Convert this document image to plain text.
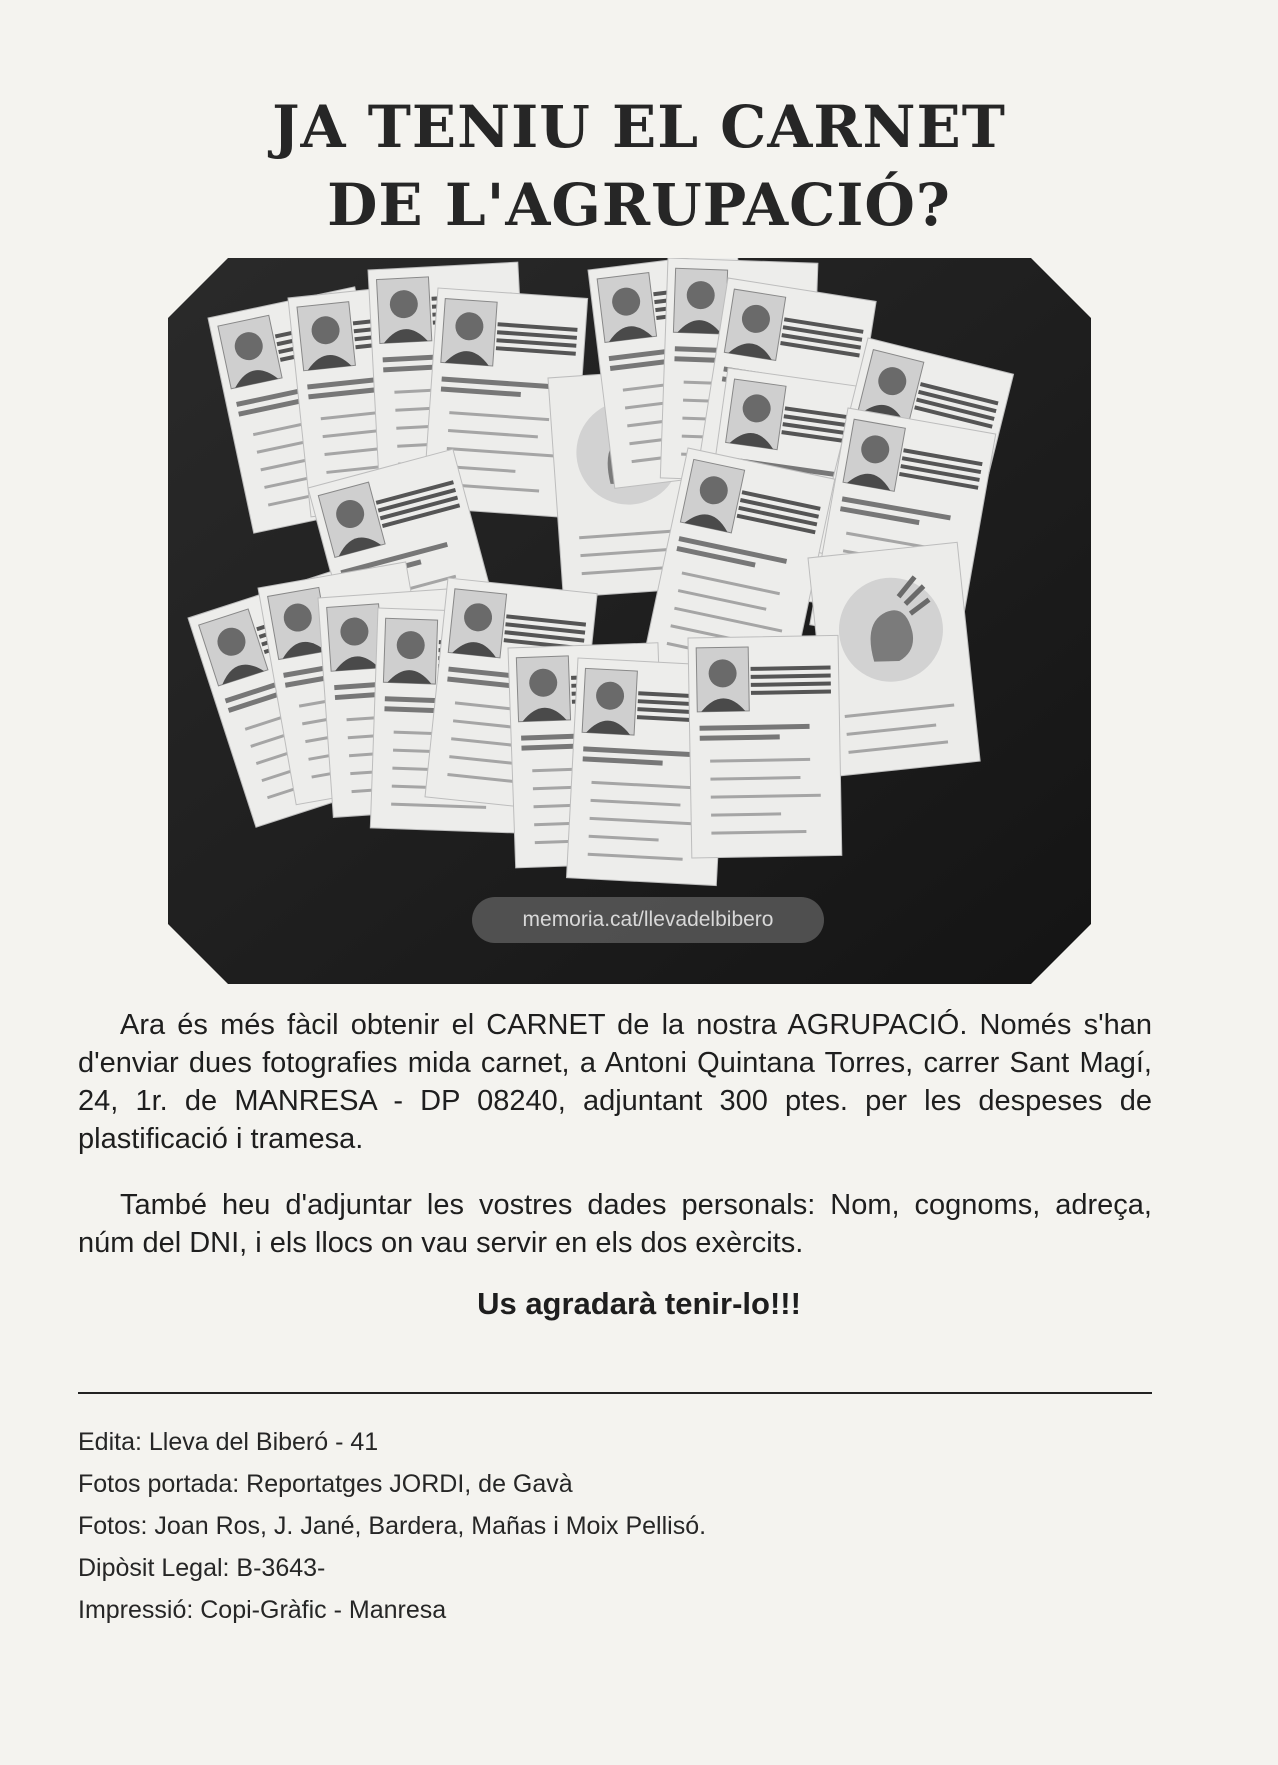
JA TENIU EL CARNET
DE L'AGRUPACIÓ?
memoria.cat/llevadelbibero
Ara és més fàcil obtenir el CARNET de la nostra AGRUPACIÓ. Només s'han d'enviar dues fotografies mida carnet, a Antoni Quintana Torres, carrer Sant Magí, 24, 1r. de MANRESA - DP 08240, adjuntant 300 ptes. per les despeses de plastificació i tramesa.
També heu d'adjuntar les vostres dades personals: Nom, cognoms, adreça, núm del DNI, i els llocs on vau servir en els dos exèrcits.
Us agradarà tenir-lo!!!
Edita: Lleva del Biberó - 41
Fotos portada: Reportatges JORDI, de Gavà
Fotos: Joan Ros, J. Jané, Bardera, Mañas i Moix Pellisó.
Dipòsit Legal: B-3643-
Impressió: Copi-Gràfic - Manresa
